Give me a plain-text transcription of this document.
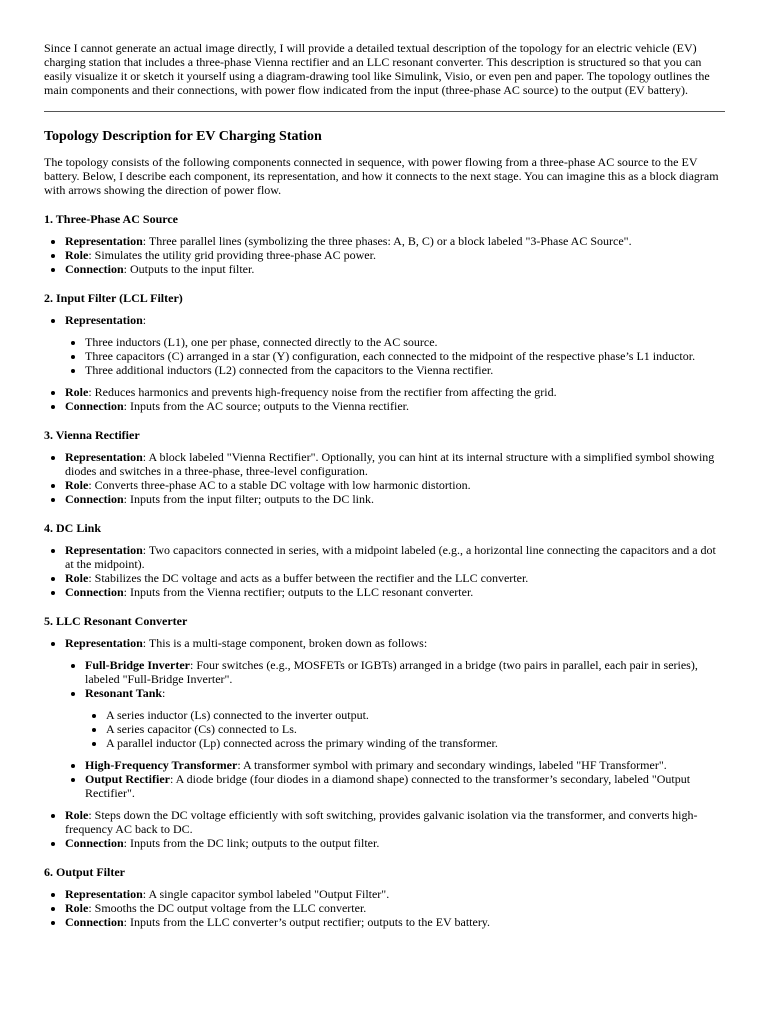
Since I cannot generate an actual image directly, I will provide a detailed textual description of the topology for an electric vehicle (EV) charging station that includes a three-phase Vienna rectifier and an LLC resonant converter. This description is structured so that you can easily visualize it or sketch it yourself using a diagram-drawing tool like Simulink, Visio, or even pen and paper. The topology outlines the main components and their connections, with power flow indicated from the input (three-phase AC source) to the output (EV battery).

Topology Description for EV Charging Station

The topology consists of the following components connected in sequence, with power flowing from a three-phase AC source to the EV battery. Below, I describe each component, its representation, and how it connects to the next stage. You can imagine this as a block diagram with arrows showing the direction of power flow.

1. Three-Phase AC Source
• Representation: Three parallel lines (symbolizing the three phases: A, B, C) or a block labeled "3-Phase AC Source".
• Role: Simulates the utility grid providing three-phase AC power.
• Connection: Outputs to the input filter.
2. Input Filter (LCL Filter)
• Representation:
• Three inductors (L1), one per phase, connected directly to the AC source.
• Three capacitors (C) arranged in a star (Y) configuration, each connected to the midpoint of the respective phase’s L1 inductor.
• Three additional inductors (L2) connected from the capacitors to the Vienna rectifier.
• Role: Reduces harmonics and prevents high-frequency noise from the rectifier from affecting the grid.
• Connection: Inputs from the AC source; outputs to the Vienna rectifier.
3. Vienna Rectifier
• Representation: A block labeled "Vienna Rectifier". Optionally, you can hint at its internal structure with a simplified symbol showing diodes and switches in a three-phase, three-level configuration.
• Role: Converts three-phase AC to a stable DC voltage with low harmonic distortion.
• Connection: Inputs from the input filter; outputs to the DC link.
4. DC Link
• Representation: Two capacitors connected in series, with a midpoint labeled (e.g., a horizontal line connecting the capacitors and a dot at the midpoint).
• Role: Stabilizes the DC voltage and acts as a buffer between the rectifier and the LLC converter.
• Connection: Inputs from the Vienna rectifier; outputs to the LLC resonant converter.
5. LLC Resonant Converter
• Representation: This is a multi-stage component, broken down as follows:
• Full-Bridge Inverter: Four switches (e.g., MOSFETs or IGBTs) arranged in a bridge (two pairs in parallel, each pair in series), labeled "Full-Bridge Inverter".
• Resonant Tank:
• A series inductor (Ls) connected to the inverter output.
• A series capacitor (Cs) connected to Ls.
• A parallel inductor (Lp) connected across the primary winding of the transformer.
• High-Frequency Transformer: A transformer symbol with primary and secondary windings, labeled "HF Transformer".
• Output Rectifier: A diode bridge (four diodes in a diamond shape) connected to the transformer’s secondary, labeled "Output Rectifier".
• Role: Steps down the DC voltage efficiently with soft switching, provides galvanic isolation via the transformer, and converts high-frequency AC back to DC.
• Connection: Inputs from the DC link; outputs to the output filter.
6. Output Filter
• Representation: A single capacitor symbol labeled "Output Filter".
• Role: Smooths the DC output voltage from the LLC converter.
• Connection: Inputs from the LLC converter’s output rectifier; outputs to the EV battery.
